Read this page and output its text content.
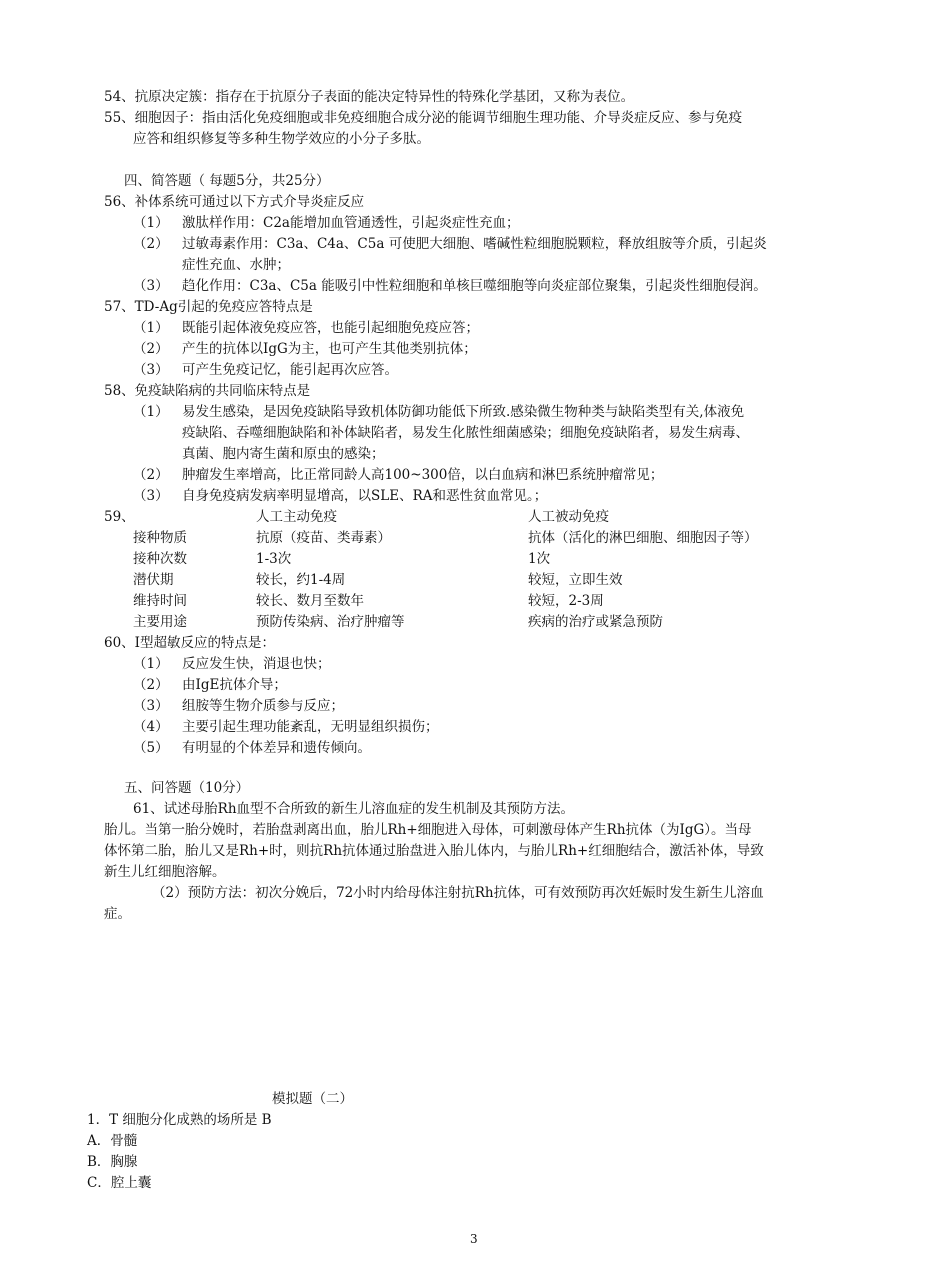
54、抗原决定簇：指存在于抗原分子表面的能决定特异性的特殊化学基团，又称为表位。
55、细胞因子：指由活化免疫细胞或非免疫细胞合成分泌的能调节细胞生理功能、介导炎症反应、参与免疫
应答和组织修复等多种生物学效应的小分子多肽。
四、简答题（ 每题5分，共25分）
56、补体系统可通过以下方式介导炎症反应
（1） 激肽样作用：C2a能增加血管通透性，引起炎症性充血；
（2） 过敏毒素作用：C3a、C4a、C5a 可使肥大细胞、嗜碱性粒细胞脱颗粒，释放组胺等介质，引起炎
症性充血、水肿；
（3） 趋化作用：C3a、C5a 能吸引中性粒细胞和单核巨噬细胞等向炎症部位聚集，引起炎性细胞侵润。
57、TD-Ag引起的免疫应答特点是
（1） 既能引起体液免疫应答，也能引起细胞免疫应答；
（2） 产生的抗体以IgG为主，也可产生其他类别抗体；
（3） 可产生免疫记忆，能引起再次应答。
58、免疫缺陷病的共同临床特点是
（1） 易发生感染，是因免疫缺陷导致机体防御功能低下所致.感染微生物种类与缺陷类型有关,体液免
疫缺陷、吞噬细胞缺陷和补体缺陷者，易发生化脓性细菌感染；细胞免疫缺陷者，易发生病毒、
真菌、胞内寄生菌和原虫的感染；
（2） 肿瘤发生率增高，比正常同龄人高100~300倍，以白血病和淋巴系统肿瘤常见；
（3） 自身免疫病发病率明显增高，以SLE、RA和恶性贫血常见。；
59、	人工主动免疫	人工被动免疫
接种物质	抗原（疫苗、类毒素）	抗体（活化的淋巴细胞、细胞因子等）
接种次数	1-3次	1次
潜伏期	较长，约1-4周	较短，立即生效
维持时间	较长、数月至数年	较短，2-3周
主要用途	预防传染病、治疗肿瘤等	疾病的治疗或紧急预防
60、I型超敏反应的特点是：
（1） 反应发生快，消退也快；
（2） 由IgE抗体介导；
（3） 组胺等生物介质参与反应；
（4） 主要引起生理功能紊乱，无明显组织损伤；
（5） 有明显的个体差异和遗传倾向。
五、问答题（10分）
61、试述母胎Rh血型不合所致的新生儿溶血症的发生机制及其预防方法。
胎儿。当第一胎分娩时，若胎盘剥离出血，胎儿Rh+细胞进入母体，可刺激母体产生Rh抗体（为IgG）。当母
体怀第二胎，胎儿又是Rh+时，则抗Rh抗体通过胎盘进入胎儿体内，与胎儿Rh+红细胞结合，激活补体，导致
新生儿红细胞溶解。
（2）预防方法：初次分娩后，72小时内给母体注射抗Rh抗体，可有效预防再次妊娠时发生新生儿溶血
症。
模拟题（二）
1．T 细胞分化成熟的场所是 B
A．骨髓
B．胸腺
C．腔上囊
3
